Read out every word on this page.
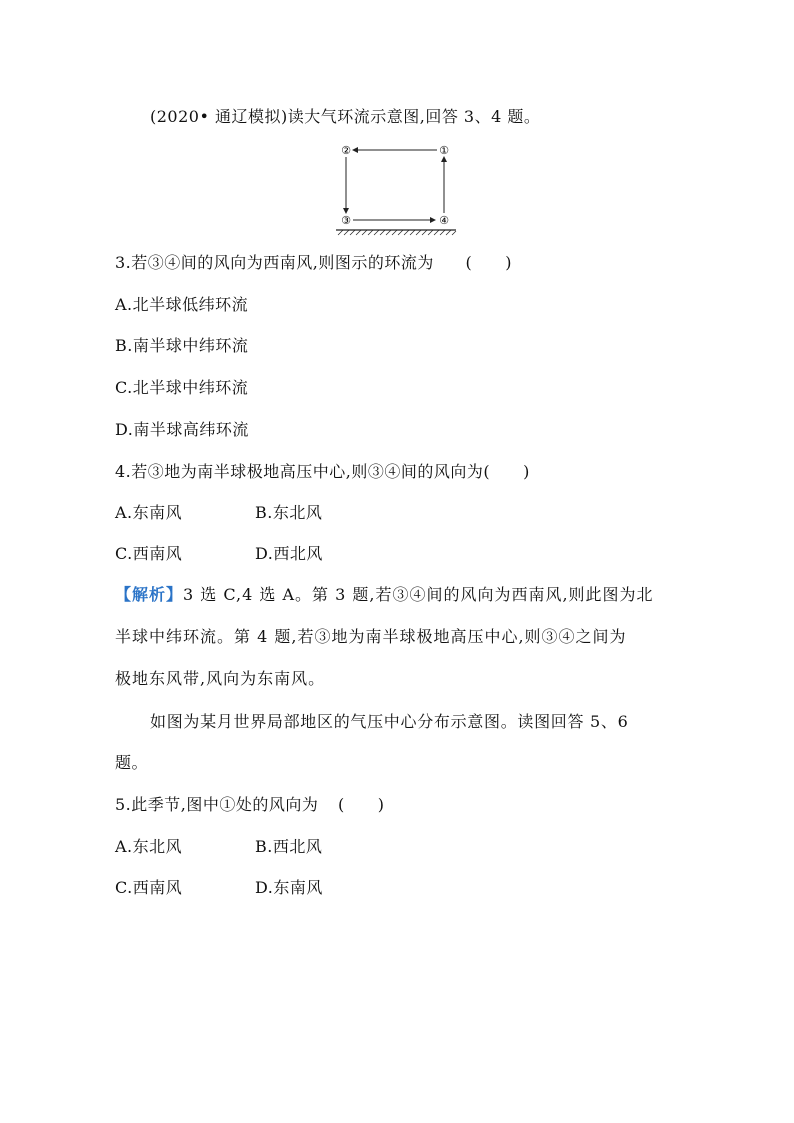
(2020• 通辽模拟)读大气环流示意图,回答 3、4 题。
②	①
③	④
3.若③④间的风向为西南风,则图示的环流为 (　　)
A.北半球低纬环流
B.南半球中纬环流
C.北半球中纬环流
D.南半球高纬环流
4.若③地为南半球极地高压中心,则③④间的风向为(　　)
A.东南风	B.东北风
C.西南风	D.西北风
【解析】3 选 C,4 选 A。第 3 题,若③④间的风向为西南风,则此图为北
半球中纬环流。第 4 题,若③地为南半球极地高压中心,则③④之间为
极地东风带,风向为东南风。
如图为某月世界局部地区的气压中心分布示意图。读图回答 5、6
题。
5.此季节,图中①处的风向为 (　　)
A.东北风	B.西北风
C.西南风	D.东南风
